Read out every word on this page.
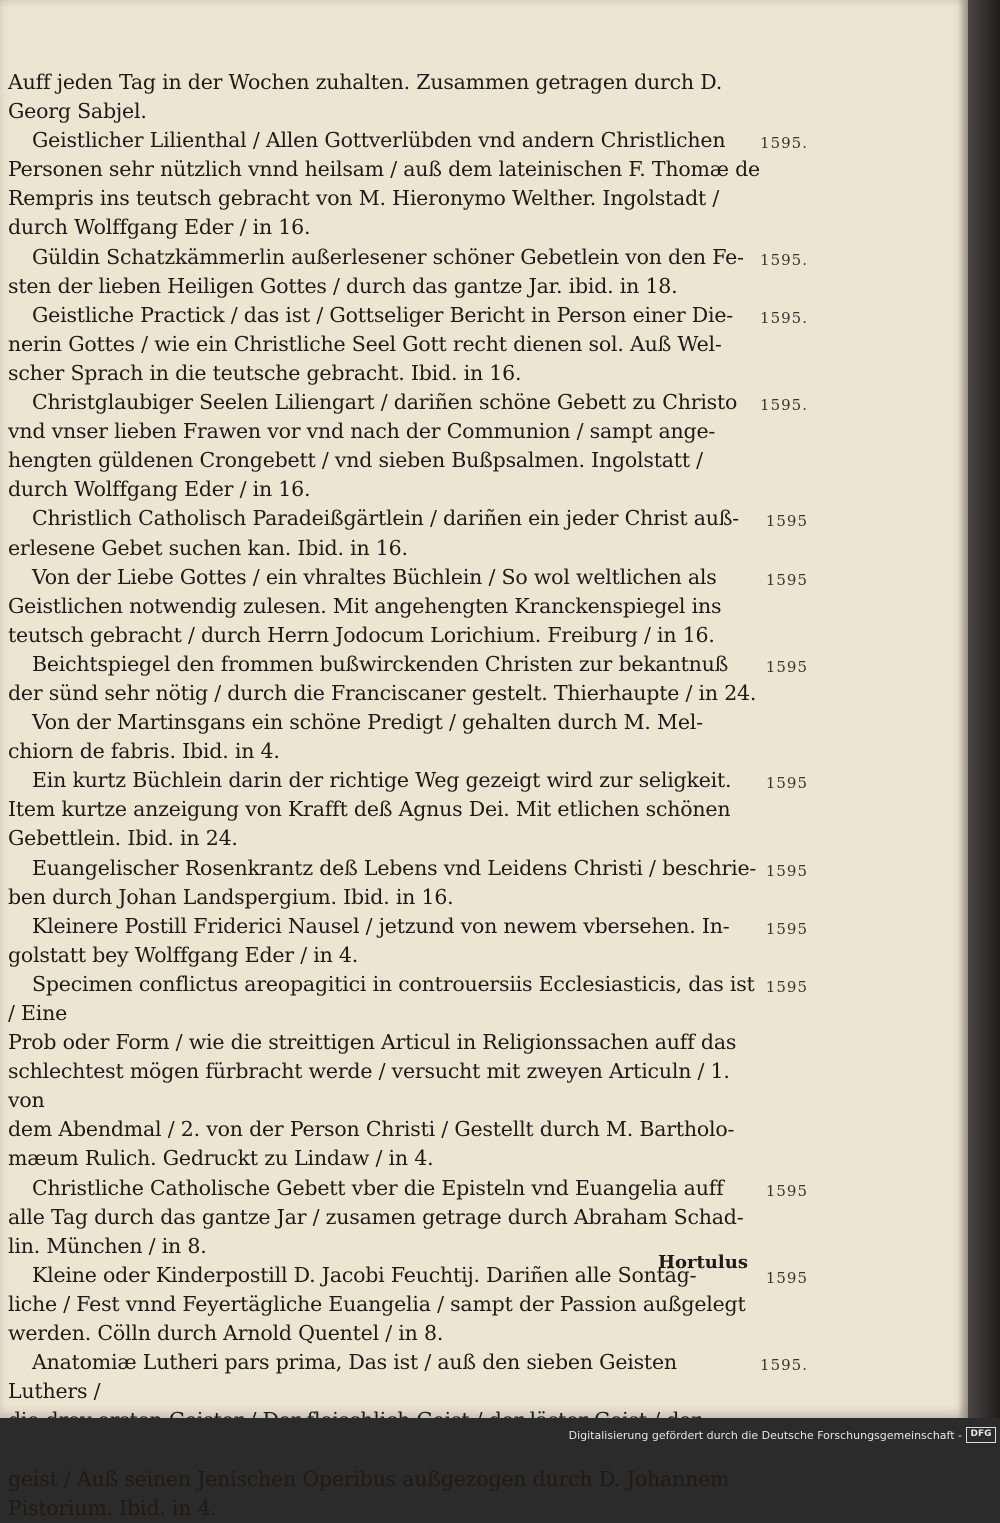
Auff jeden Tag in der Wochen zuhalten. Zusammen getragen durch D.
Georg Sabjel.
Geistlicher Lilienthal / Allen Gottverlübden vnd andern Christlichen
Personen sehr nützlich vnnd heilsam / auß dem lateinischen F. Thomæ de
Rempris ins teutsch gebracht von M. Hieronymo Welther. Ingolstadt /
durch Wolffgang Eder / in 16.
1595.
Güldin Schatzkämmerlin außerlesener schöner Gebetlein von den Fe-
sten der lieben Heiligen Gottes / durch das gantze Jar. ibid. in 18.
1595.
Geistliche Practick / das ist / Gottseliger Bericht in Person einer Die-
nerin Gottes / wie ein Christliche Seel Gott recht dienen sol. Auß Wel-
scher Sprach in die teutsche gebracht. Ibid. in 16.
1595.
Christglaubiger Seelen Liliengart / dariñen schöne Gebett zu Christo
vnd vnser lieben Frawen vor vnd nach der Communion / sampt ange-
hengten güldenen Crongebett / vnd sieben Bußpsalmen. Ingolstatt /
durch Wolffgang Eder / in 16.
1595.
Christlich Catholisch Paradeißgärtlein / dariñen ein jeder Christ auß-
erlesene Gebet suchen kan. Ibid. in 16.
1595
Von der Liebe Gottes / ein vhraltes Büchlein / So wol weltlichen als
Geistlichen notwendig zulesen. Mit angehengten Kranckenspiegel ins
teutsch gebracht / durch Herrn Jodocum Lorichium. Freiburg / in 16.
1595
Beichtspiegel den frommen bußwirckenden Christen zur bekantnuß
der sünd sehr nötig / durch die Franciscaner gestelt. Thierhaupte / in 24.
1595
Von der Martinsgans ein schöne Predigt / gehalten durch M. Mel-
chiorn de fabris. Ibid. in 4.
Ein kurtz Büchlein darin der richtige Weg gezeigt wird zur seligkeit.
Item kurtze anzeigung von Krafft deß Agnus Dei. Mit etlichen schönen
Gebettlein. Ibid. in 24.
1595
Euangelischer Rosenkrantz deß Lebens vnd Leidens Christi / beschrie-
ben durch Johan Landspergium. Ibid. in 16.
1595
Kleinere Postill Friderici Nausel / jetzund von newem vbersehen. In-
golstatt bey Wolffgang Eder / in 4.
1595
Specimen conflictus areopagitici in controuersiis Ecclesiasticis, das ist / Eine
Prob oder Form / wie die streittigen Articul in Religionssachen auff das
schlechtest mögen fürbracht werde / versucht mit zweyen Articuln / 1. von
dem Abendmal / 2. von der Person Christi / Gestellt durch M. Bartholo-
mæum Rulich. Gedruckt zu Lindaw / in 4.
1595
Christliche Catholische Gebett vber die Episteln vnd Euangelia auff
alle Tag durch das gantze Jar / zusamen getrage durch Abraham Schad-
lin. München / in 8.
1595
Kleine oder Kinderpostill D. Jacobi Feuchtij. Dariñen alle Sontäg-
liche / Fest vnnd Feyertägliche Euangelia / sampt der Passion außgelegt
werden. Cölln durch Arnold Quentel / in 8.
1595
Anatomiæ Lutheri pars prima, Das ist / auß den sieben Geisten Luthers /

geist / Auß seinen Jenischen Operibus außgezogen durch D. Johannem
Pistorium. Ibid. in 4.
1595.
Hortulus
Digitalisierung gefördert durch die Deutsche Forschungsgemeinschaft - DFG
